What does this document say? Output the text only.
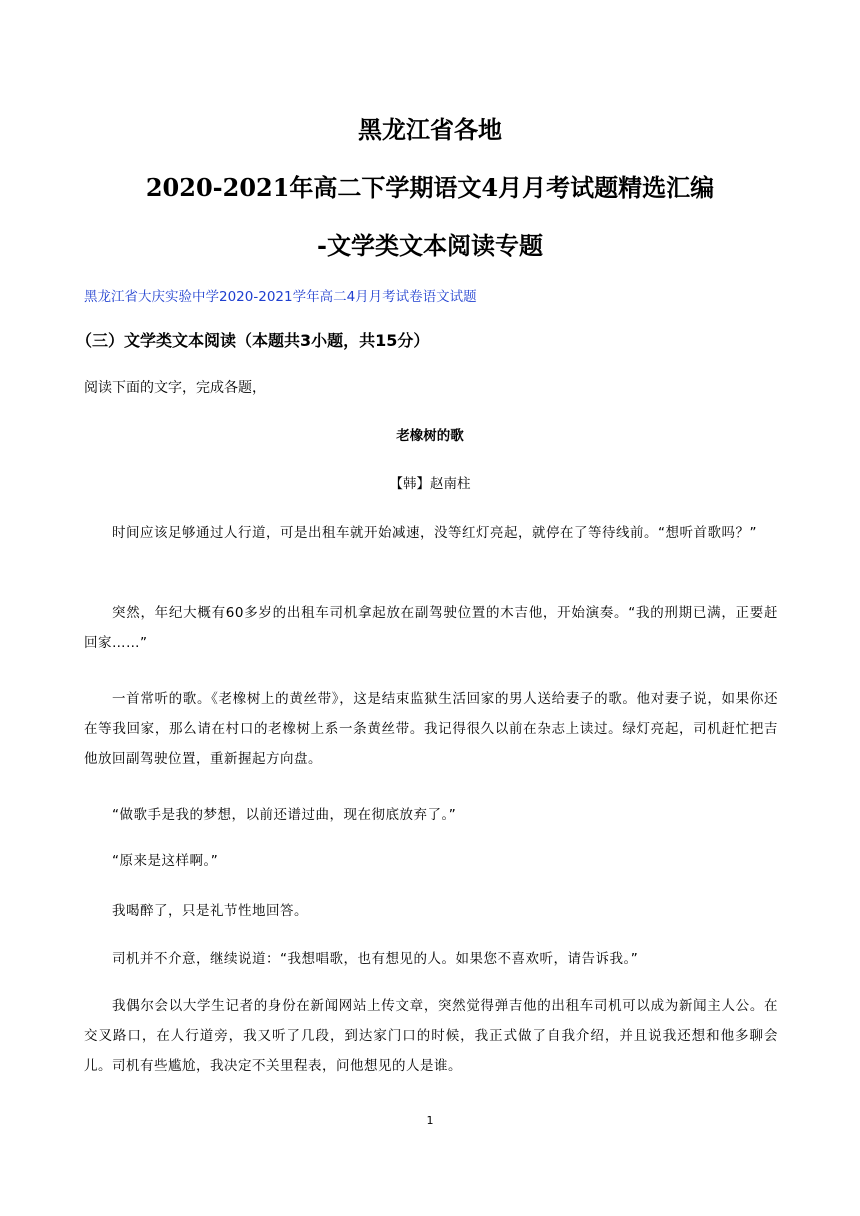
黑龙江省各地
2020-2021年高二下学期语文4月月考试题精选汇编
-文学类文本阅读专题
黑龙江省大庆实验中学2020-2021学年高二4月月考试卷语文试题
（三）文学类文本阅读（本题共3小题，共15分）
阅读下面的文字，完成各题，
老橡树的歌
【韩】赵南柱
时间应该足够通过人行道，可是出租车就开始减速，没等红灯亮起，就停在了等待线前。“想听首歌吗？”
突然，年纪大概有60多岁的出租车司机拿起放在副驾驶位置的木吉他，开始演奏。“我的刑期已满，正要赶回家……”
一首常听的歌。《老橡树上的黄丝带》，这是结束监狱生活回家的男人送给妻子的歌。他对妻子说，如果你还在等我回家，那么请在村口的老橡树上系一条黄丝带。我记得很久以前在杂志上读过。绿灯亮起，司机赶忙把吉他放回副驾驶位置，重新握起方向盘。
“做歌手是我的梦想，以前还谱过曲，现在彻底放弃了。”
“原来是这样啊。”
我喝醉了，只是礼节性地回答。
司机并不介意，继续说道：“我想唱歌，也有想见的人。如果您不喜欢听，请告诉我。”
我偶尔会以大学生记者的身份在新闻网站上传文章，突然觉得弹吉他的出租车司机可以成为新闻主人公。在交叉路口，在人行道旁，我又听了几段，到达家门口的时候，我正式做了自我介绍，并且说我还想和他多聊会儿。司机有些尴尬，我决定不关里程表，问他想见的人是谁。
1
